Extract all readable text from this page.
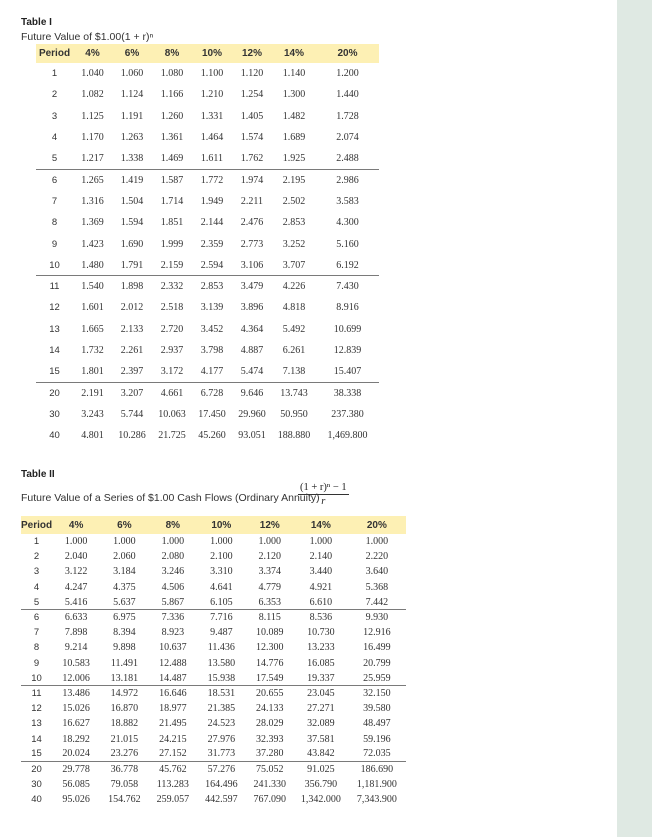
Table I
Future Value of $1.00(1 + r)ⁿ
Period	4%	6%	8%	10%	12%	14%	20%
1	1.040	1.060	1.080	1.100	1.120	1.140	1.200
2	1.082	1.124	1.166	1.210	1.254	1.300	1.440
3	1.125	1.191	1.260	1.331	1.405	1.482	1.728
4	1.170	1.263	1.361	1.464	1.574	1.689	2.074
5	1.217	1.338	1.469	1.611	1.762	1.925	2.488
6	1.265	1.419	1.587	1.772	1.974	2.195	2.986
7	1.316	1.504	1.714	1.949	2.211	2.502	3.583
8	1.369	1.594	1.851	2.144	2.476	2.853	4.300
9	1.423	1.690	1.999	2.359	2.773	3.252	5.160
10	1.480	1.791	2.159	2.594	3.106	3.707	6.192
11	1.540	1.898	2.332	2.853	3.479	4.226	7.430
12	1.601	2.012	2.518	3.139	3.896	4.818	8.916
13	1.665	2.133	2.720	3.452	4.364	5.492	10.699
14	1.732	2.261	2.937	3.798	4.887	6.261	12.839
15	1.801	2.397	3.172	4.177	5.474	7.138	15.407
20	2.191	3.207	4.661	6.728	9.646	13.743	38.338
30	3.243	5.744	10.063	17.450	29.960	50.950	237.380
40	4.801	10.286	21.725	45.260	93.051	188.880	1,469.800
Table II
Future Value of a Series of $1.00 Cash Flows (Ordinary Annuity)
$\frac{\text{(1 + r)ⁿ − 1}}{r}$
Period	4%	6%	8%	10%	12%	14%	20%
1	1.000	1.000	1.000	1.000	1.000	1.000	1.000
2	2.040	2.060	2.080	2.100	2.120	2.140	2.220
3	3.122	3.184	3.246	3.310	3.374	3.440	3.640
4	4.247	4.375	4.506	4.641	4.779	4.921	5.368
5	5.416	5.637	5.867	6.105	6.353	6.610	7.442
6	6.633	6.975	7.336	7.716	8.115	8.536	9.930
7	7.898	8.394	8.923	9.487	10.089	10.730	12.916
8	9.214	9.898	10.637	11.436	12.300	13.233	16.499
9	10.583	11.491	12.488	13.580	14.776	16.085	20.799
10	12.006	13.181	14.487	15.938	17.549	19.337	25.959
11	13.486	14.972	16.646	18.531	20.655	23.045	32.150
12	15.026	16.870	18.977	21.385	24.133	27.271	39.580
13	16.627	18.882	21.495	24.523	28.029	32.089	48.497
14	18.292	21.015	24.215	27.976	32.393	37.581	59.196
15	20.024	23.276	27.152	31.773	37.280	43.842	72.035
20	29.778	36.778	45.762	57.276	75.052	91.025	186.690
30	56.085	79.058	113.283	164.496	241.330	356.790	1,181.900
40	95.026	154.762	259.057	442.597	767.090	1,342.000	7,343.900
